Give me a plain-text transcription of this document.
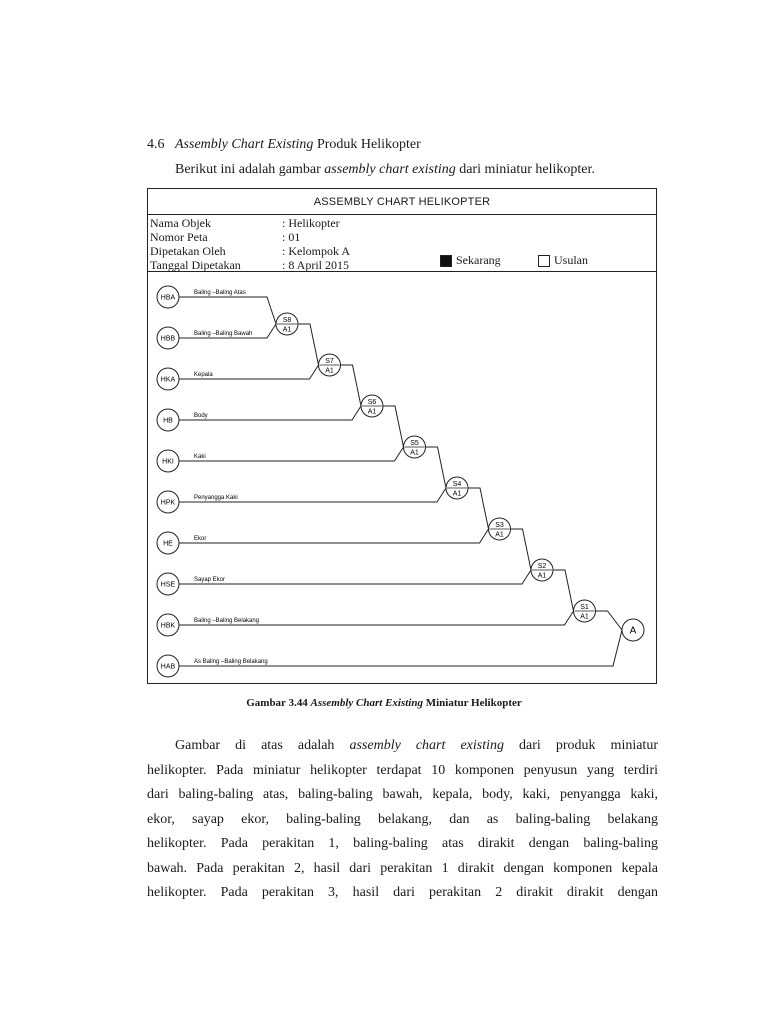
4.6 Assembly Chart Existing Produk Helikopter
Berikut ini adalah gambar assembly chart existing dari miniatur helikopter.
ASSEMBLY CHART HELIKOPTER
Nama Objek	: Helikopter
Nomor Peta	: 01
Dipetakan Oleh	: Kelompok A
Tanggal Dipetakan	: 8 April 2015	Sekarang	Usulan
HBA
Baling –Baling Atas
HBB
Baling –Baling Bawah
HKA
Kepala
HB
Body
HKI
Kaki
HPK
Penyangga Kaki
HE
Ekor
HSE
Sayap Ekor
HBK
Baling –Baling Belakang
HAB
As Baling –Baling Belakang
S8
A1
S7
A1
S6
A1
S5
A1
S4
A1
S3
A1
S2
A1
S1
A1
A
Gambar 3.44 Assembly Chart Existing Miniatur Helikopter
Gambar di atas adalah assembly chart existing dari produk miniatur
helikopter. Pada miniatur helikopter terdapat 10 komponen penyusun yang terdiri
dari baling-baling atas, baling-baling bawah, kepala, body, kaki, penyangga kaki,
ekor, sayap ekor, baling-baling belakang, dan as baling-baling belakang
helikopter. Pada perakitan 1, baling-baling atas dirakit dengan baling-baling
bawah. Pada perakitan 2, hasil dari perakitan 1 dirakit dengan komponen kepala
helikopter. Pada perakitan 3, hasil dari perakitan 2 dirakit dirakit dengan
